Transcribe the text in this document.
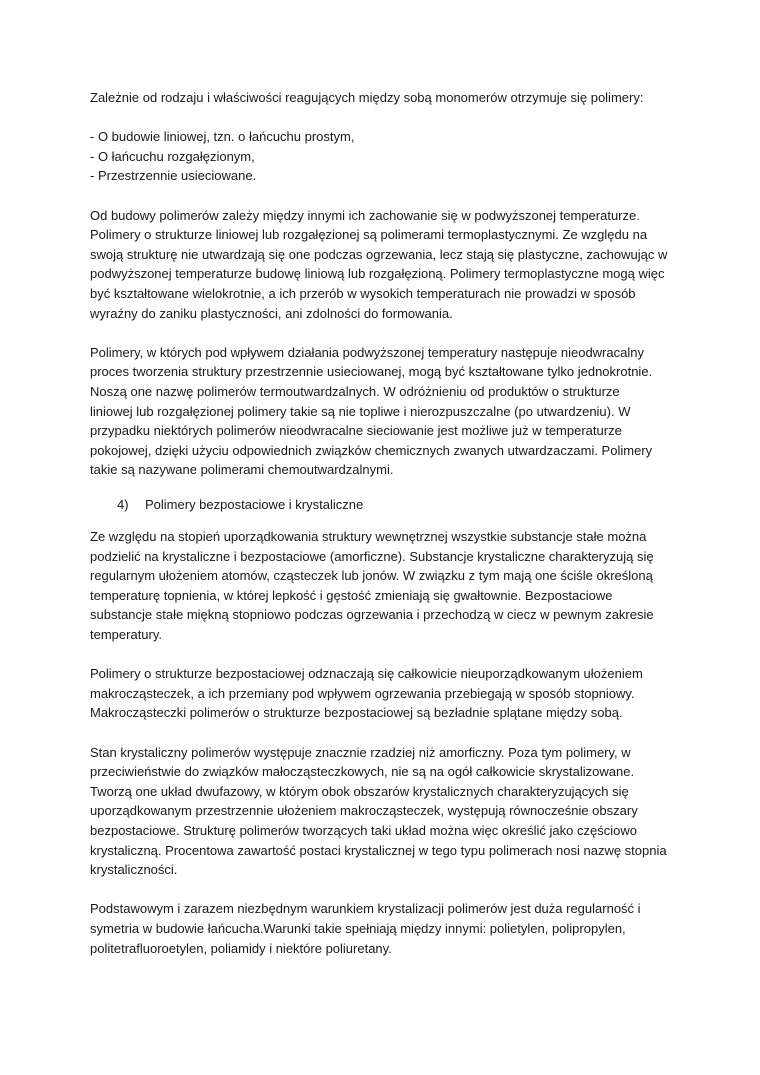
Zależnie od rodzaju i właściwości reagujących między sobą monomerów otrzymuje się polimery:

- O budowie liniowej, tzn. o łańcuchu prostym,
- O łańcuchu rozgałęzionym,
- Przestrzennie usieciowane.

Od budowy polimerów zależy między innymi ich zachowanie się w podwyższonej temperaturze.
Polimery o strukturze liniowej lub rozgałęzionej są polimerami termoplastycznymi. Ze względu na
swoją strukturę nie utwardzają się one podczas ogrzewania, lecz stają się plastyczne, zachowując w
podwyższonej temperaturze budowę liniową lub rozgałęzioną. Polimery termoplastyczne mogą więc
być kształtowane wielokrotnie, a ich przerób w wysokich temperaturach nie prowadzi w sposób
wyraźny do zaniku plastyczności, ani zdolności do formowania.

Polimery, w których pod wpływem działania podwyższonej temperatury następuje nieodwracalny
proces tworzenia struktury przestrzennie usieciowanej, mogą być kształtowane tylko jednokrotnie.
Noszą one nazwę polimerów termoutwardzalnych. W odróżnieniu od produktów o strukturze
liniowej lub rozgałęzionej polimery takie są nie topliwe i nierozpuszczalne (po utwardzeniu). W
przypadku niektórych polimerów nieodwracalne sieciowanie jest możliwe już w temperaturze
pokojowej, dzięki użyciu odpowiednich związków chemicznych zwanych utwardzaczami. Polimery
takie są nazywane polimerami chemoutwardzalnymi.

4)	Polimery bezpostaciowe i krystaliczne

Ze względu na stopień uporządkowania struktury wewnętrznej wszystkie substancje stałe można
podzielić na krystaliczne i bezpostaciowe (amorficzne). Substancje krystaliczne charakteryzują się
regularnym ułożeniem atomów, cząsteczek lub jonów. W związku z tym mają one ściśle określoną
temperaturę topnienia, w której lepkość i gęstość zmieniają się gwałtownie. Bezpostaciowe
substancje stałe miękną stopniowo podczas ogrzewania i przechodzą w ciecz w pewnym zakresie
temperatury.

Polimery o strukturze bezpostaciowej odznaczają się całkowicie nieuporządkowanym ułożeniem
makrocząsteczek, a ich przemiany pod wpływem ogrzewania przebiegają w sposób stopniowy.
Makrocząsteczki polimerów o strukturze bezpostaciowej są bezładnie splątane między sobą.

Stan krystaliczny polimerów występuje znacznie rzadziej niż amorficzny. Poza tym polimery, w
przeciwieństwie do związków małocząsteczkowych, nie są na ogół całkowicie skrystalizowane.
Tworzą one układ dwufazowy, w którym obok obszarów krystalicznych charakteryzujących się
uporządkowanym przestrzennie ułożeniem makrocząsteczek, występują równocześnie obszary
bezpostaciowe. Strukturę polimerów tworzących taki układ można więc określić jako częściowo
krystaliczną. Procentowa zawartość postaci krystalicznej w tego typu polimerach nosi nazwę stopnia
krystaliczności.

Podstawowym i zarazem niezbędnym warunkiem krystalizacji polimerów jest duża regularność i
symetria w budowie łańcucha.Warunki takie spełniają między innymi: polietylen, polipropylen,
politetrafluoroetylen, poliamidy i niektóre poliuretany.
